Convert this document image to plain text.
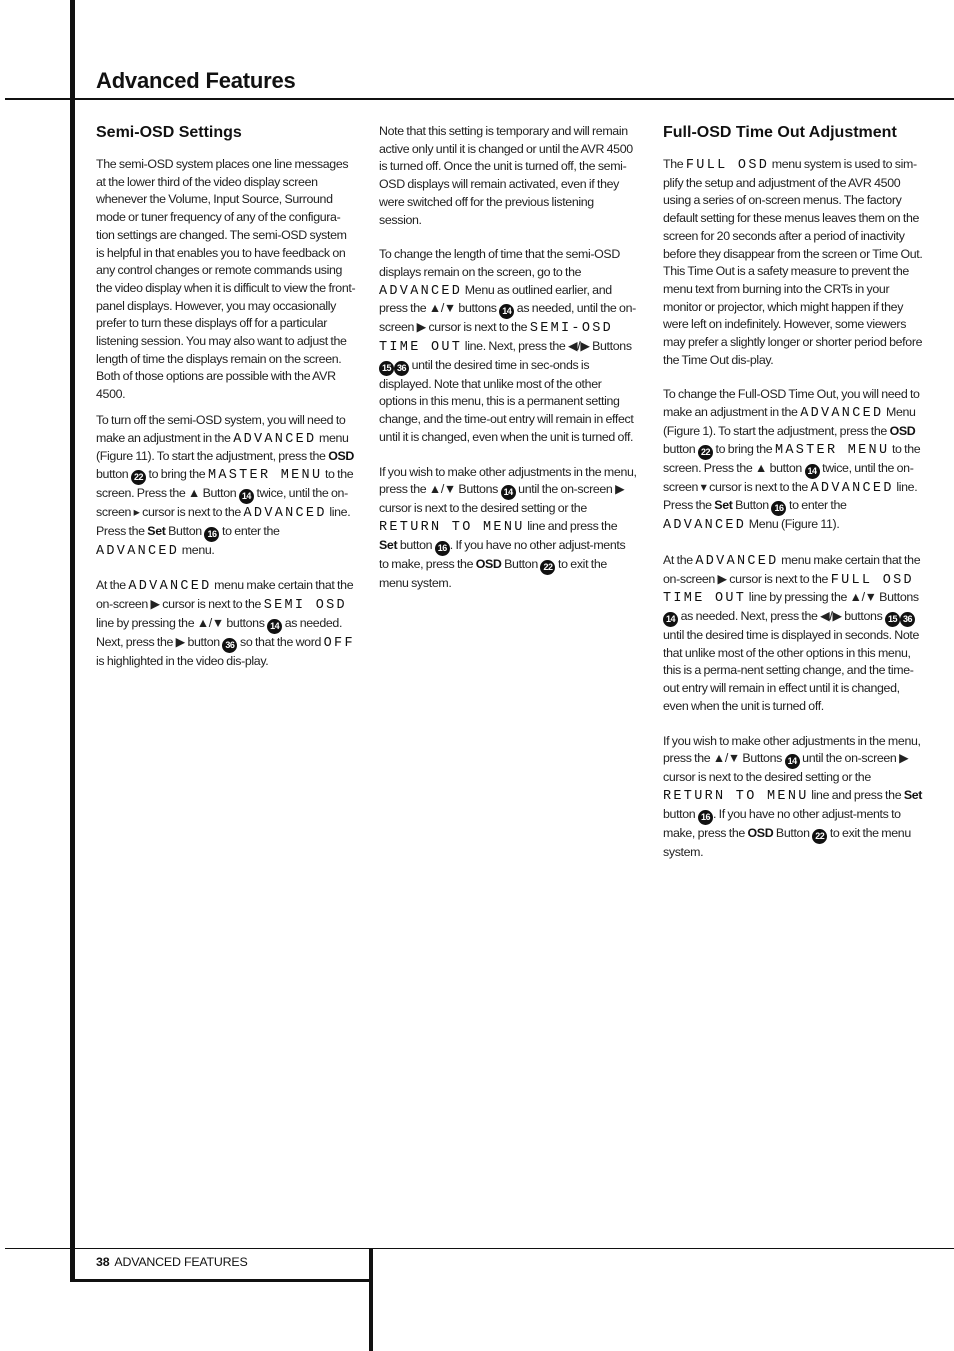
Advanced Features
Semi-OSD Settings

The semi-OSD system places one line messages at the lower third of the video display screen whenever the Volume, Input Source, Surround mode or tuner frequency of any of the configura-tion settings are changed. The semi-OSD system is helpful in that enables you to have feedback on any control changes or remote commands using the video display when it is difficult to view the front-panel displays. However, you may occasionally prefer to turn these displays off for a particular listening session. You may also want to adjust the length of time the displays remain on the screen. Both of those options are possible with the AVR 4500.

To turn off the semi-OSD system, you will need to make an adjustment in the ADVANCED menu (Figure 11). To start the adjustment, press the OSD button 22 to bring the MASTER MENU to the screen. Press the ▲ Button 14 twice, until the on-screen ▸ cursor is next to the ADVANCED line. Press the Set Button 16 to enter the ADVANCED menu.

At the ADVANCED menu make certain that the on-screen ▶ cursor is next to the SEMI OSD line by pressing the ▲/▼ buttons 14 as needed. Next, press the ▶ button 36 so that the word OFF is highlighted in the video dis-play.

Note that this setting is temporary and will remain active only until it is changed or until the AVR 4500 is turned off. Once the unit is turned off, the semi-OSD displays will remain activated, even if they were switched off for the previous listening session.

To change the length of time that the semi-OSD displays remain on the screen, go to the ADVANCED Menu as outlined earlier, and press the ▲/▼ buttons 14 as needed, until the on-screen ▶ cursor is next to the SEMI-OSD TIME OUT line. Next, press the ◀/▶ Buttons 15 36 until the desired time in sec-onds is displayed. Note that unlike most of the other options in this menu, this is a permanent setting change, and the time-out entry will remain in effect until it is changed, even when the unit is turned off.

If you wish to make other adjustments in the menu, press the ▲/▼ Buttons 14 until the on-screen ▶ cursor is next to the desired setting or the RETURN TO MENU line and press the Set button 16 . If you have no other adjust-ments to make, press the OSD Button 22 to exit the menu system.

Full-OSD Time Out Adjustment

The FULL OSD menu system is used to sim-plify the setup and adjustment of the AVR 4500 using a series of on-screen menus. The factory default setting for these menus leaves them on the screen for 20 seconds after a period of inactivity before they disappear from the screen or Time Out. This Time Out is a safety measure to prevent the menu text from burning into the CRTs in your monitor or projector, which might happen if they were left on indefinitely. However, some viewers may prefer a slightly longer or shorter period before the Time Out dis-play.

To change the Full-OSD Time Out, you will need to make an adjustment in the ADVANCED Menu (Figure 1). To start the adjustment, press the OSD button 22 to bring the MASTER MENU to the screen. Press the ▲ button 14 twice, until the on-screen ▾ cursor is next to the ADVANCED line. Press the Set Button 16 to enter the ADVANCED Menu (Figure 11).

At the ADVANCED menu make certain that the on-screen ▶ cursor is next to the FULL OSD TIME OUT line by pressing the ▲/▼ Buttons 14 as needed. Next, press the ◀/▶ buttons 15 36 until the desired time is displayed in seconds. Note that unlike most of the other options in this menu, this is a perma-nent setting change, and the time-out entry will remain in effect until it is changed, even when the unit is turned off.

If you wish to make other adjustments in the menu, press the ▲/▼ Buttons 14 until the on-screen ▶ cursor is next to the desired setting or the RETURN TO MENU line and press the Set button 16 . If you have no other adjust-ments to make, press the OSD Button 22 to exit the menu system.

38 ADVANCED FEATURES
